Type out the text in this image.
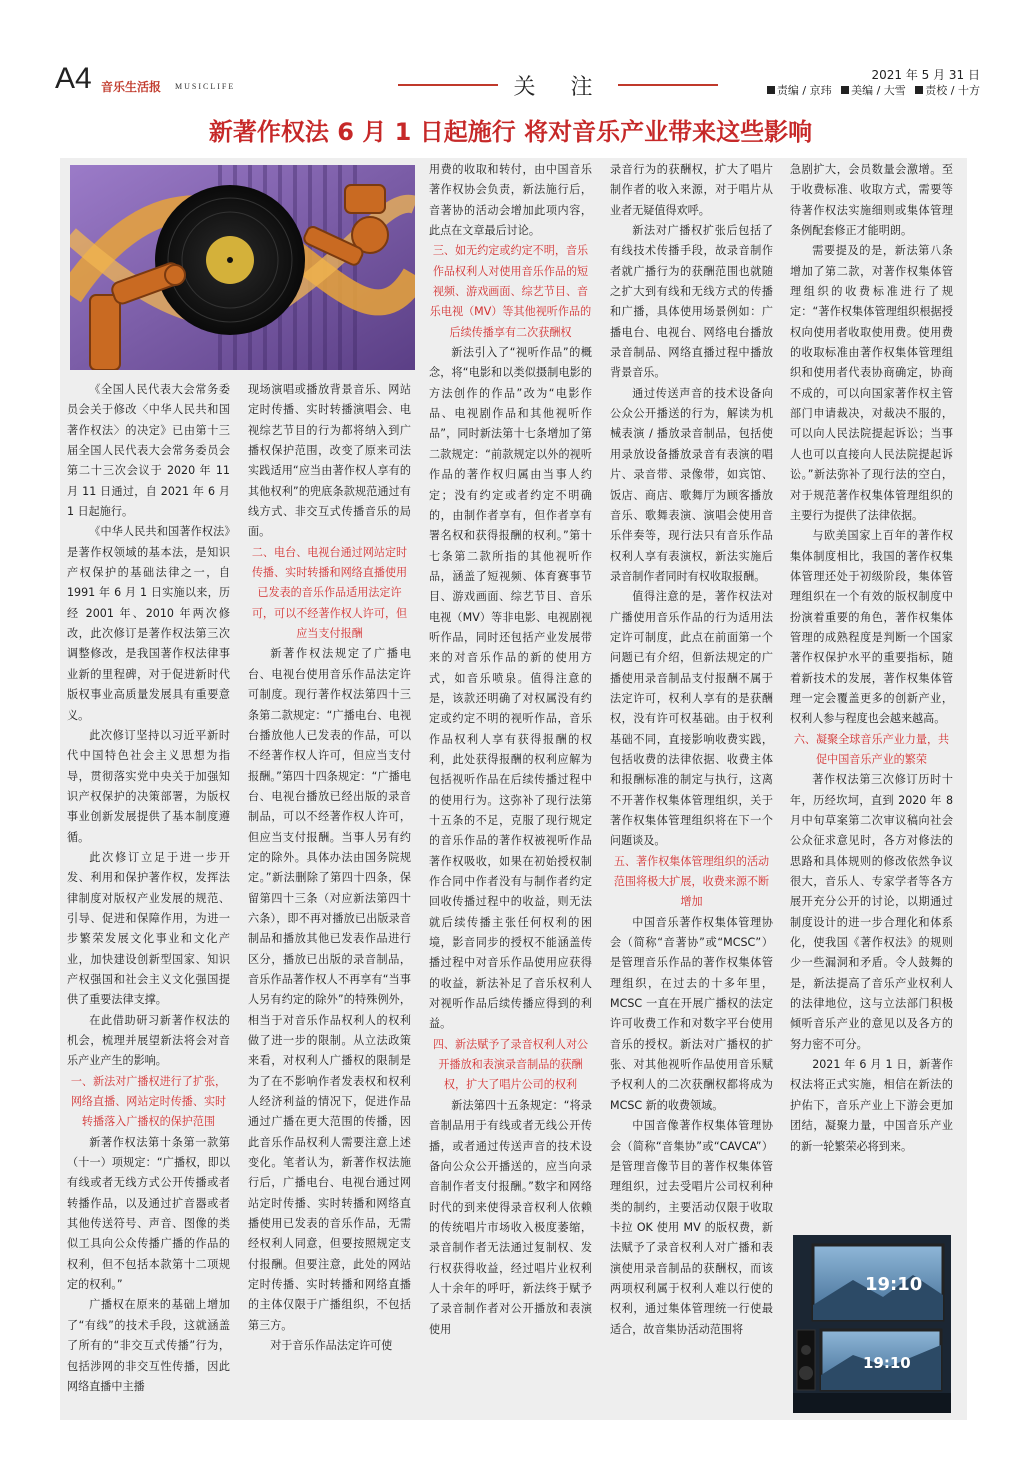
A4 音乐生活报 MUSICLIFE	关 注	2021 年 5 月 31 日
责编 / 京玮 美编 / 大雪 责校 / 十方
新著作权法 6 月 1 日起施行 将对音乐产业带来这些影响

《全国人民代表大会常务委员会关于修改〈中华人民共和国著作权法〉的决定》已由第十三届全国人民代表大会常务委员会第二十三次会议于 2020 年 11 月 11 日通过，自 2021 年 6 月 1 日起施行。

《中华人民共和国著作权法》是著作权领域的基本法，是知识产权保护的基础法律之一，自 1991 年 6 月 1 日实施以来，历经 2001 年、2010 年两次修改，此次修订是著作权法第三次调整修改，是我国著作权法律事业新的里程碑，对于促进新时代版权事业高质量发展具有重要意义。

此次修订坚持以习近平新时代中国特色社会主义思想为指导，贯彻落实党中央关于加强知识产权保护的决策部署，为版权事业创新发展提供了基本制度遵循。

此次修订立足于进一步开发、利用和保护著作权，发挥法律制度对版权产业发展的规范、引导、促进和保障作用，为进一步繁荣发展文化事业和文化产业，加快建设创新型国家、知识产权强国和社会主义文化强国提供了重要法律支撑。

在此借助研习新著作权法的机会，梳理并展望新法将会对音乐产业产生的影响。

一、新法对广播权进行了扩张，网络直播、网站定时传播、实时转播落入广播权的保护范围

新著作权法第十条第一款第（十一）项规定：“广播权，即以有线或者无线方式公开传播或者转播作品，以及通过扩音器或者其他传送符号、声音、图像的类似工具向公众传播广播的作品的权利，但不包括本款第十二项规定的权利。”

广播权在原来的基础上增加了“有线”的技术手段，这就涵盖了所有的“非交互式传播”行为，包括涉网的非交互性传播，因此网络直播中主播

现场演唱或播放背景音乐、网站定时传播、实时转播演唱会、电视综艺节目的行为都将纳入到广播权保护范围，改变了原来司法实践适用“应当由著作权人享有的其他权利”的兜底条款规范通过有线方式、非交互式传播音乐的局面。

二、电台、电视台通过网站定时传播、实时转播和网络直播使用已发表的音乐作品适用法定许可，可以不经著作权人许可，但应当支付报酬

新著作权法规定了广播电台、电视台使用音乐作品法定许可制度。现行著作权法第四十三条第二款规定：“广播电台、电视台播放他人已发表的作品，可以不经著作权人许可，但应当支付报酬。”第四十四条规定：“广播电台、电视台播放已经出版的录音制品，可以不经著作权人许可，但应当支付报酬。当事人另有约定的除外。具体办法由国务院规定。”新法删除了第四十四条，保留第四十三条（对应新法第四十六条），即不再对播放已出版录音制品和播放其他已发表作品进行区分，播放已出版的录音制品，音乐作品著作权人不再享有“当事人另有约定的除外”的特殊例外，相当于对音乐作品权利人的权利做了进一步的限制。从立法政策来看，对权利人广播权的限制是为了在不影响作者发表权和权利人经济利益的情况下，促进作品通过广播在更大范围的传播，因此音乐作品权利人需要注意上述变化。笔者认为，新著作权法施行后，广播电台、电视台通过网站定时传播、实时转播和网络直播使用已发表的音乐作品，无需经权利人同意，但要按照规定支付报酬。但要注意，此处的网站定时传播、实时转播和网络直播的主体仅限于广播组织，不包括第三方。

对于音乐作品法定许可使

用费的收取和转付，由中国音乐著作权协会负责，新法施行后，音著协的活动会增加此项内容，此点在文章最后讨论。

三、如无约定或约定不明，音乐作品权利人对使用音乐作品的短视频、游戏画面、综艺节目、音乐电视（MV）等其他视听作品的后续传播享有二次获酬权

新法引入了“视听作品”的概念，将“电影和以类似摄制电影的方法创作的作品”改为“电影作品、电视剧作品和其他视听作品”，同时新法第十七条增加了第二款规定：“前款规定以外的视听作品的著作权归属由当事人约定；没有约定或者约定不明确的，由制作者享有，但作者享有署名权和获得报酬的权利。”第十七条第二款所指的其他视听作品，涵盖了短视频、体育赛事节目、游戏画面、综艺节目、音乐电视（MV）等非电影、电视剧视听作品，同时还包括产业发展带来的对音乐作品的新的使用方式，如音乐喷泉。值得注意的是，该款还明确了对权属没有约定或约定不明的视听作品，音乐作品权利人享有获得报酬的权利，此处获得报酬的权利应解为包括视听作品在后续传播过程中的使用行为。这弥补了现行法第十五条的不足，克服了现行规定的音乐作品的著作权被视听作品著作权吸收，如果在初始授权制作合同中作者没有与制作者约定回收传播过程中的收益，则无法就后续传播主张任何权利的困境，影音同步的授权不能涵盖传播过程中对音乐作品使用应获得的收益，新法补足了音乐权利人对视听作品后续传播应得到的利益。

四、新法赋予了录音权利人对公开播放和表演录音制品的获酬权，扩大了唱片公司的权利

新法第四十五条规定：“将录音制品用于有线或者无线公开传播，或者通过传送声音的技术设备向公众公开播送的，应当向录音制作者支付报酬。”数字和网络时代的到来使得录音权利人依赖的传统唱片市场收入极度萎缩，录音制作者无法通过复制权、发行权获得收益，经过唱片业权利人十余年的呼吁，新法终于赋予了录音制作者对公开播放和表演使用

录音行为的获酬权，扩大了唱片制作者的收入来源，对于唱片从业者无疑值得欢呼。

新法对广播权扩张后包括了有线技术传播手段，故录音制作者就广播行为的获酬范围也就随之扩大到有线和无线方式的传播和广播，具体使用场景例如：广播电台、电视台、网络电台播放录音制品、网络直播过程中播放背景音乐。

通过传送声音的技术设备向公众公开播送的行为，解读为机械表演 / 播放录音制品，包括使用录放设备播放录音有表演的唱片、录音带、录像带，如宾馆、饭店、商店、歌舞厅为顾客播放音乐、歌舞表演、演唱会使用音乐伴奏等，现行法只有音乐作品权利人享有表演权，新法实施后录音制作者同时有权收取报酬。

值得注意的是，著作权法对广播使用音乐作品的行为适用法定许可制度，此点在前面第一个问题已有介绍，但新法规定的广播使用录音制品支付报酬不属于法定许可，权利人享有的是获酬权，没有许可权基础。由于权利基础不同，直接影响收费实践，包括收费的法律依据、收费主体和报酬标准的制定与执行，这离不开著作权集体管理组织，关于著作权集体管理组织将在下一个问题谈及。

五、著作权集体管理组织的活动范围将极大扩展，收费来源不断增加

中国音乐著作权集体管理协会（简称“音著协”或“MCSC”）是管理音乐作品的著作权集体管理组织，在过去的十多年里，MCSC 一直在开展广播权的法定许可收费工作和对数字平台使用音乐的授权。新法对广播权的扩张、对其他视听作品使用音乐赋予权利人的二次获酬权都将成为 MCSC 新的收费领域。

中国音像著作权集体管理协会（简称“音集协”或“CAVCA”）是管理音像节目的著作权集体管理组织，过去受唱片公司权利种类的制约，主要活动仅限于收取卡拉 OK 使用 MV 的版权费，新法赋予了录音权利人对广播和表演使用录音制品的获酬权，而该两项权利属于权利人难以行使的权利，通过集体管理统一行使最适合，故音集协活动范围将

急剧扩大，会员数量会激增。至于收费标准、收取方式，需要等待著作权法实施细则或集体管理条例配套修正才能明朗。

需要提及的是，新法第八条增加了第二款，对著作权集体管理组织的收费标准进行了规定：“著作权集体管理组织根据授权向使用者收取使用费。使用费的收取标准由著作权集体管理组织和使用者代表协商确定，协商不成的，可以向国家著作权主管部门申请裁决，对裁决不服的，可以向人民法院提起诉讼；当事人也可以直接向人民法院提起诉讼。”新法弥补了现行法的空白，对于规范著作权集体管理组织的主要行为提供了法律依据。

与欧美国家上百年的著作权集体制度相比，我国的著作权集体管理还处于初级阶段，集体管理组织在一个有效的版权制度中扮演着重要的角色，著作权集体管理的成熟程度是判断一个国家著作权保护水平的重要指标，随着新技术的发展，著作权集体管理一定会覆盖更多的创新产业，权利人参与程度也会越来越高。

六、凝聚全球音乐产业力量，共促中国音乐产业的繁荣

著作权法第三次修订历时十年，历经坎坷，直到 2020 年 8 月中旬草案第二次审议稿向社会公众征求意见时，各方对修法的思路和具体规则的修改依然争议很大，音乐人、专家学者等各方展开充分公开的讨论，以期通过制度设计的进一步合理化和体系化，使我国《著作权法》的规则少一些漏洞和矛盾。令人鼓舞的是，新法提高了音乐产业权利人的法律地位，这与立法部门积极倾听音乐产业的意见以及各方的努力密不可分。

2021 年 6 月 1 日，新著作权法将正式实施，相信在新法的护佑下，音乐产业上下游会更加团结，凝聚力量，中国音乐产业的新一轮繁荣必将到来。

19:10
19:10
